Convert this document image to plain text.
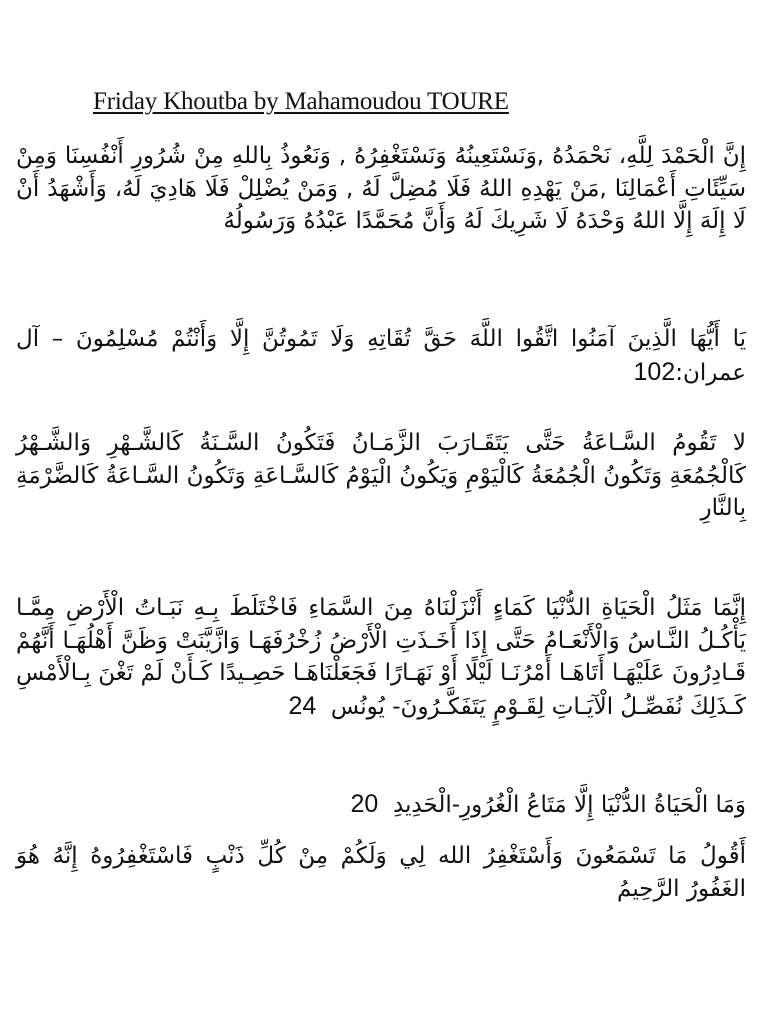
Friday Khoutba by Mahamoudou TOURE

إِنَّ الْحَمْدَ لِلَّهِ، نَحْمَدُهُ ,وَنَسْتَعِينُهُ وَنَسْتَغْفِرُهُ , وَنَعُوذُ بِاللهِ مِنْ شُرُورِ أَنْفُسِنَا وَمِنْ سَيِّئَاتِ أَعْمَالِنَا ,مَنْ يَهْدِهِ اللهُ فَلَا مُضِلَّ لَهُ , وَمَنْ يُضْلِلْ فَلَا هَادِيَ لَهُ، وَأَشْهَدُ أَنْ لَا إِلَهَ إِلَّا اللهُ وَحْدَهُ لَا شَرِيكَ لَهُ وَأَنَّ مُحَمَّدًا عَبْدُهُ وَرَسُولُهُ

يَا أَيُّهَا الَّذِينَ آمَنُوا اتَّقُوا اللَّهَ حَقَّ تُقَاتِهِ وَلَا تَمُوتُنَّ إِلَّا وَأَنْتُمْ مُسْلِمُونَ – آل عمران:102

لا تَقُومُ السَّـاعَةُ حَتَّى يَتَقَـارَبَ الزَّمَـانُ فَتَكُونُ السَّـنَةُ كَالشَّـهْرِ وَالشَّـهْرُ كَالْجُمُعَةِ وَتَكُونُ الْجُمُعَةُ كَالْيَوْمِ وَيَكُونُ الْيَوْمُ كَالسَّـاعَةِ وَتَكُونُ السَّـاعَةُ كَالضَّرْمَةِ بِالنَّارِ

إِنَّمَا مَثَلُ الْحَيَاةِ الدُّنْيَا كَمَاءٍ أَنْزَلْنَاهُ مِنَ السَّمَاءِ فَاخْتَلَطَ بِـهِ نَبَـاتُ الْأَرْضِ مِمَّـا يَأْكُـلُ النَّـاسُ وَالْأَنْعَـامُ حَتَّى إِذَا أَخَـذَتِ الْأَرْضُ زُخْرُفَهَـا وَازَّيَّنَتْ وَظَنَّ أَهْلُهَـا أَنَّهُمْ قَـادِرُونَ عَلَيْهَـا أَتَاهَـا أَمْرُنَـا لَيْلًا أَوْ نَهَـارًا فَجَعَلْنَاهَـا حَصِـيدًا كَـأَنْ لَمْ تَغْنَ بِـالْأَمْسِ كَـذَلِكَ نُفَصِّـلُ الْآيَـاتِ لِقَـوْمٍ يَتَفَكَّـرُونَ- يُونُس  24

وَمَا الْحَيَاةُ الدُّنْيَا إِلَّا مَتَاعُ الْغُرُورِ-الْحَدِيدِ  20

أَقُولُ مَا تَسْمَعُونَ وَأَسْتَغْفِرُ الله لِي وَلَكُمْ مِنْ كُلِّ ذَنْبٍ فَاسْتَغْفِرُوهُ إِنَّهُ هُوَ الغَفُورُ الرَّحِيمُ
